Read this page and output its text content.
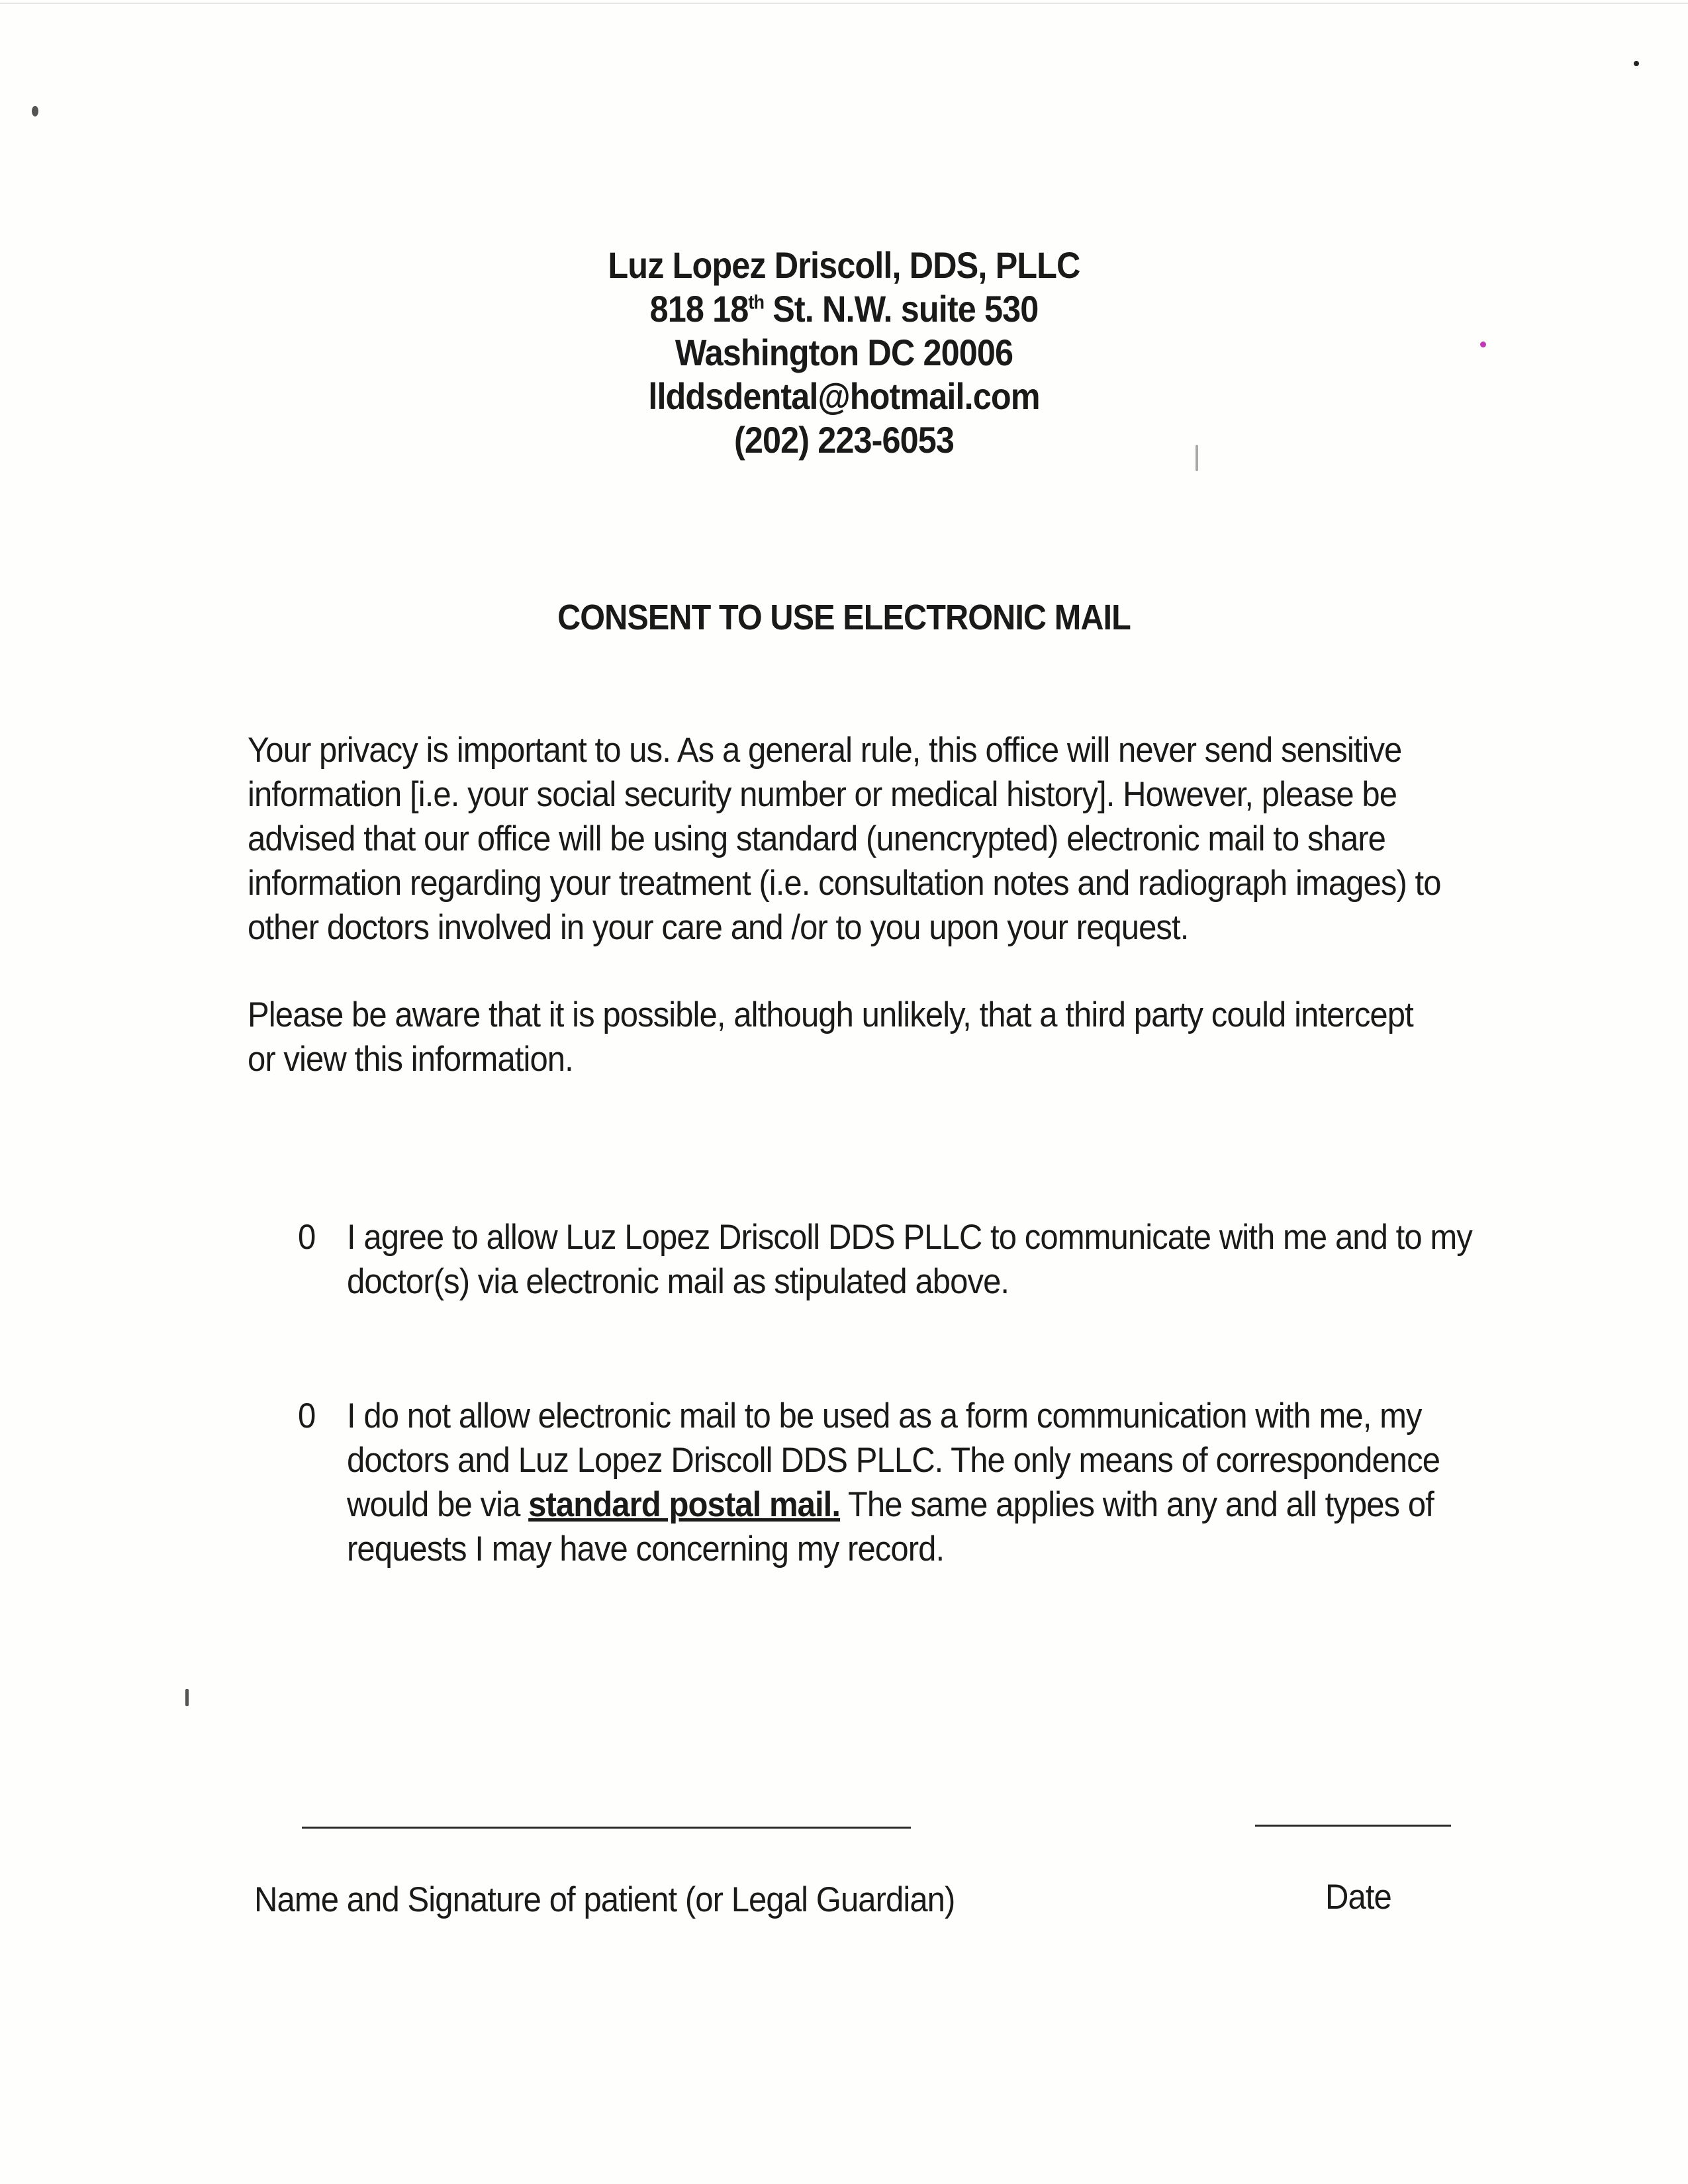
Luz Lopez Driscoll, DDS, PLLC
818 18th St. N.W. suite 530
Washington DC 20006
llddsdental@hotmail.com
(202) 223-6053
CONSENT TO USE ELECTRONIC MAIL
Your privacy is important to us. As a general rule, this office will never send sensitive information [i.e. your social security number or medical history]. However, please be advised that our office will be using standard (unencrypted) electronic mail to share information regarding your treatment (i.e. consultation notes and radiograph images) to other doctors involved in your care and /or to you upon your request.
Please be aware that it is possible, although unlikely, that a third party could intercept or view this information.
0 I agree to allow Luz Lopez Driscoll DDS PLLC to communicate with me and to my doctor(s) via electronic mail as stipulated above.
0 I do not allow electronic mail to be used as a form communication with me, my doctors and Luz Lopez Driscoll DDS PLLC. The only means of correspondence would be via standard postal mail. The same applies with any and all types of requests I may have concerning my record.
Name and Signature of patient (or Legal Guardian)	Date
